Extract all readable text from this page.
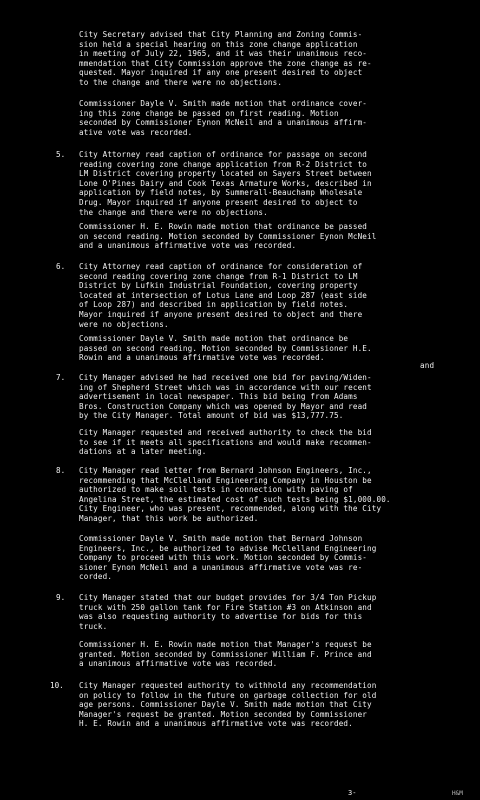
City Secretary advised that City Planning and Zoning Commis-
sion held a special hearing on this zone change application
in meeting of July 22, 1965, and it was their unanimous reco-
mmendation that City Commission approve the zone change as re-
quested. Mayor inquired if any one present desired to object
to the change and there were no objections.
Commissioner Dayle V. Smith made motion that ordinance cover-
ing this zone change be passed on first reading. Motion
seconded by Commissioner Eynon McNeil and a unanimous affirm-
ative vote was recorded.
5.	City Attorney read caption of ordinance for passage on second
reading covering zone change application from R-2 District to
LM District covering property located on Sayers Street between
Lone O'Pines Dairy and Cook Texas Armature Works, described in
application by field notes, by Summerall-Beauchamp Wholesale
Drug. Mayor inquired if anyone present desired to object to
the change and there were no objections.
Commissioner H. E. Rowin made motion that ordinance be passed
on second reading. Motion seconded by Commissioner Eynon McNeil
and a unanimous affirmative vote was recorded.
6.	City Attorney read caption of ordinance for consideration of
second reading covering zone change from R-1 District to LM
District by Lufkin Industrial Foundation, covering property
located at intersection of Lotus Lane and Loop 287 (east side
of Loop 287) and described in application by field notes.
Mayor inquired if anyone present desired to object and there
were no objections.
Commissioner Dayle V. Smith made motion that ordinance be
passed on second reading. Motion seconded by Commissioner H.E.
Rowin and a unanimous affirmative vote was recorded.
and
7.	City Manager advised he had received one bid for paving/Widen-
ing of Shepherd Street which was in accordance with our recent
advertisement in local newspaper. This bid being from Adams
Bros. Construction Company which was opened by Mayor and read
by the City Manager. Total amount of bid was $13,777.75.
City Manager requested and received authority to check the bid
to see if it meets all specifications and would make recommen-
dations at a later meeting.
8.	City Manager read letter from Bernard Johnson Engineers, Inc.,
recommending that McClelland Engineering Company in Houston be
authorized to make soil tests in connection with paving of
Angelina Street, the estimated cost of such tests being $1,000.00.
City Engineer, who was present, recommended, along with the City
Manager, that this work be authorized.
Commissioner Dayle V. Smith made motion that Bernard Johnson
Engineers, Inc., be authorized to advise McClelland Engineering
Company to proceed with this work. Motion seconded by Commis-
sioner Eynon McNeil and a unanimous affirmative vote was re-
corded.
9.	City Manager stated that our budget provides for 3/4 Ton Pickup
truck with 250 gallon tank for Fire Station #3 on Atkinson and
was also requesting authority to advertise for bids for this
truck.
Commissioner H. E. Rowin made motion that Manager's request be
granted. Motion seconded by Commissioner William F. Prince and
a unanimous affirmative vote was recorded.
10.	City Manager requested authority to withhold any recommendation
on policy to follow in the future on garbage collection for old
age persons. Commissioner Dayle V. Smith made motion that City
Manager's request be granted. Motion seconded by Commissioner
H. E. Rowin and a unanimous affirmative vote was recorded.
3-	H&M
